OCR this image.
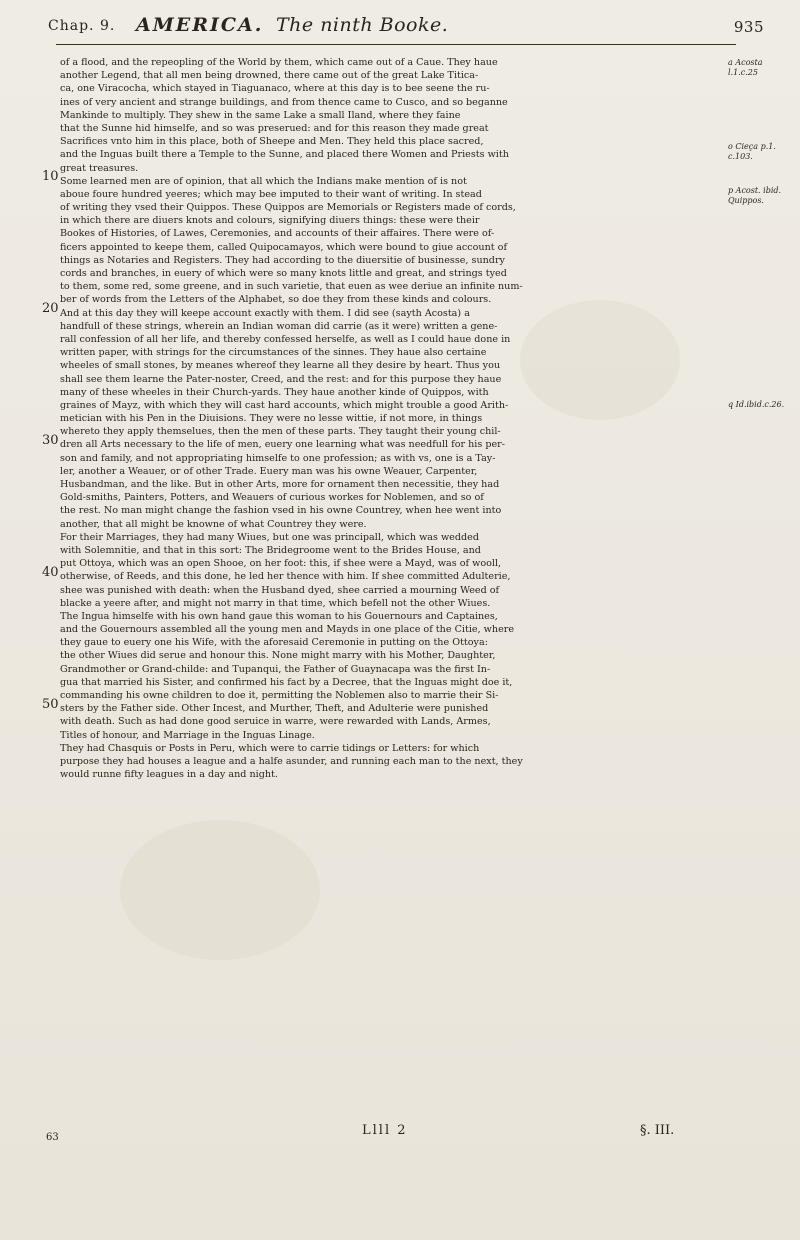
Chap. 9. AMERICA. The ninth Booke.	935
10
20
30
40
50
a Acosta l.1.c.25
o Cieça p.1. c.103.
p Acost. ibid. Quippos.
q Id.ibid.c.26.
of a flood, and the repeopling of the World by them, which came out of a Caue. They haue
another Legend, that all men being drowned, there came out of the great Lake Titica-
ca, one Viracocha, which stayed in Tiaguanaco, where at this day is to bee seene the ru-
ines of very ancient and strange buildings, and from thence came to Cusco, and so beganne
Mankinde to multiply. They shew in the same Lake a small Iland, where they faine
that the Sunne hid himselfe, and so was preserued: and for this reason they made great
Sacrifices vnto him in this place, both of Sheepe and Men. They held this place sacred,
and the Inguas built there a Temple to the Sunne, and placed there Women and Priests with
great treasures.
Some learned men are of opinion, that all which the Indians make mention of is not
aboue foure hundred yeeres; which may bee imputed to their want of writing. In stead
of writing they vsed their Quippos. These Quippos are Memorials or Registers made of cords,
in which there are diuers knots and colours, signifying diuers things: these were their
Bookes of Histories, of Lawes, Ceremonies, and accounts of their affaires. There were of-
ficers appointed to keepe them, called Quipocamayos, which were bound to giue account of
things as Notaries and Registers. They had according to the diuersitie of businesse, sundry
cords and branches, in euery of which were so many knots little and great, and strings tyed
to them, some red, some greene, and in such varietie, that euen as wee deriue an infinite num-
ber of words from the Letters of the Alphabet, so doe they from these kinds and colours.
And at this day they will keepe account exactly with them. I did see (sayth Acosta) a
handfull of these strings, wherein an Indian woman did carrie (as it were) written a gene-
rall confession of all her life, and thereby confessed herselfe, as well as I could haue done in
written paper, with strings for the circumstances of the sinnes. They haue also certaine
wheeles of small stones, by meanes whereof they learne all they desire by heart. Thus you
shall see them learne the Pater-noster, Creed, and the rest: and for this purpose they haue
many of these wheeles in their Church-yards. They haue another kinde of Quippos, with
graines of Mayz, with which they will cast hard accounts, which might trouble a good Arith-
metician with his Pen in the Diuisions. They were no lesse wittie, if not more, in things
whereto they apply themselues, then the men of these parts. They taught their young chil-
dren all Arts necessary to the life of men, euery one learning what was needfull for his per-
son and family, and not appropriating himselfe to one profession; as with vs, one is a Tay-
ler, another a Weauer, or of other Trade. Euery man was his owne Weauer, Carpenter,
Husbandman, and the like. But in other Arts, more for ornament then necessitie, they had
Gold-smiths, Painters, Potters, and Weauers of curious workes for Noblemen, and so of
the rest. No man might change the fashion vsed in his owne Countrey, when hee went into
another, that all might be knowne of what Countrey they were.
For their Marriages, they had many Wiues, but one was principall, which was wedded
with Solemnitie, and that in this sort: The Bridegroome went to the Brides House, and
put Ottoya, which was an open Shooe, on her foot: this, if shee were a Mayd, was of wooll,
otherwise, of Reeds, and this done, he led her thence with him. If shee committed Adulterie,
shee was punished with death: when the Husband dyed, shee carried a mourning Weed of
blacke a yeere after, and might not marry in that time, which befell not the other Wiues.
The Ingua himselfe with his own hand gaue this woman to his Gouernours and Captaines,
and the Gouernours assembled all the young men and Mayds in one place of the Citie, where
they gaue to euery one his Wife, with the aforesaid Ceremonie in putting on the Ottoya:
the other Wiues did serue and honour this. None might marry with his Mother, Daughter,
Grandmother or Grand-childe: and Tupanqui, the Father of Guaynacapa was the first In-
gua that married his Sister, and confirmed his fact by a Decree, that the Inguas might doe it,
commanding his owne children to doe it, permitting the Noblemen also to marrie their Si-
sters by the Father side. Other Incest, and Murther, Theft, and Adulterie were punished
with death. Such as had done good seruice in warre, were rewarded with Lands, Armes,
Titles of honour, and Marriage in the Inguas Linage.
They had Chasquis or Posts in Peru, which were to carrie tidings or Letters: for which
purpose they had houses a league and a halfe asunder, and running each man to the next, they
would runne fifty leagues in a day and night.
63	Llll 2	§. III.
